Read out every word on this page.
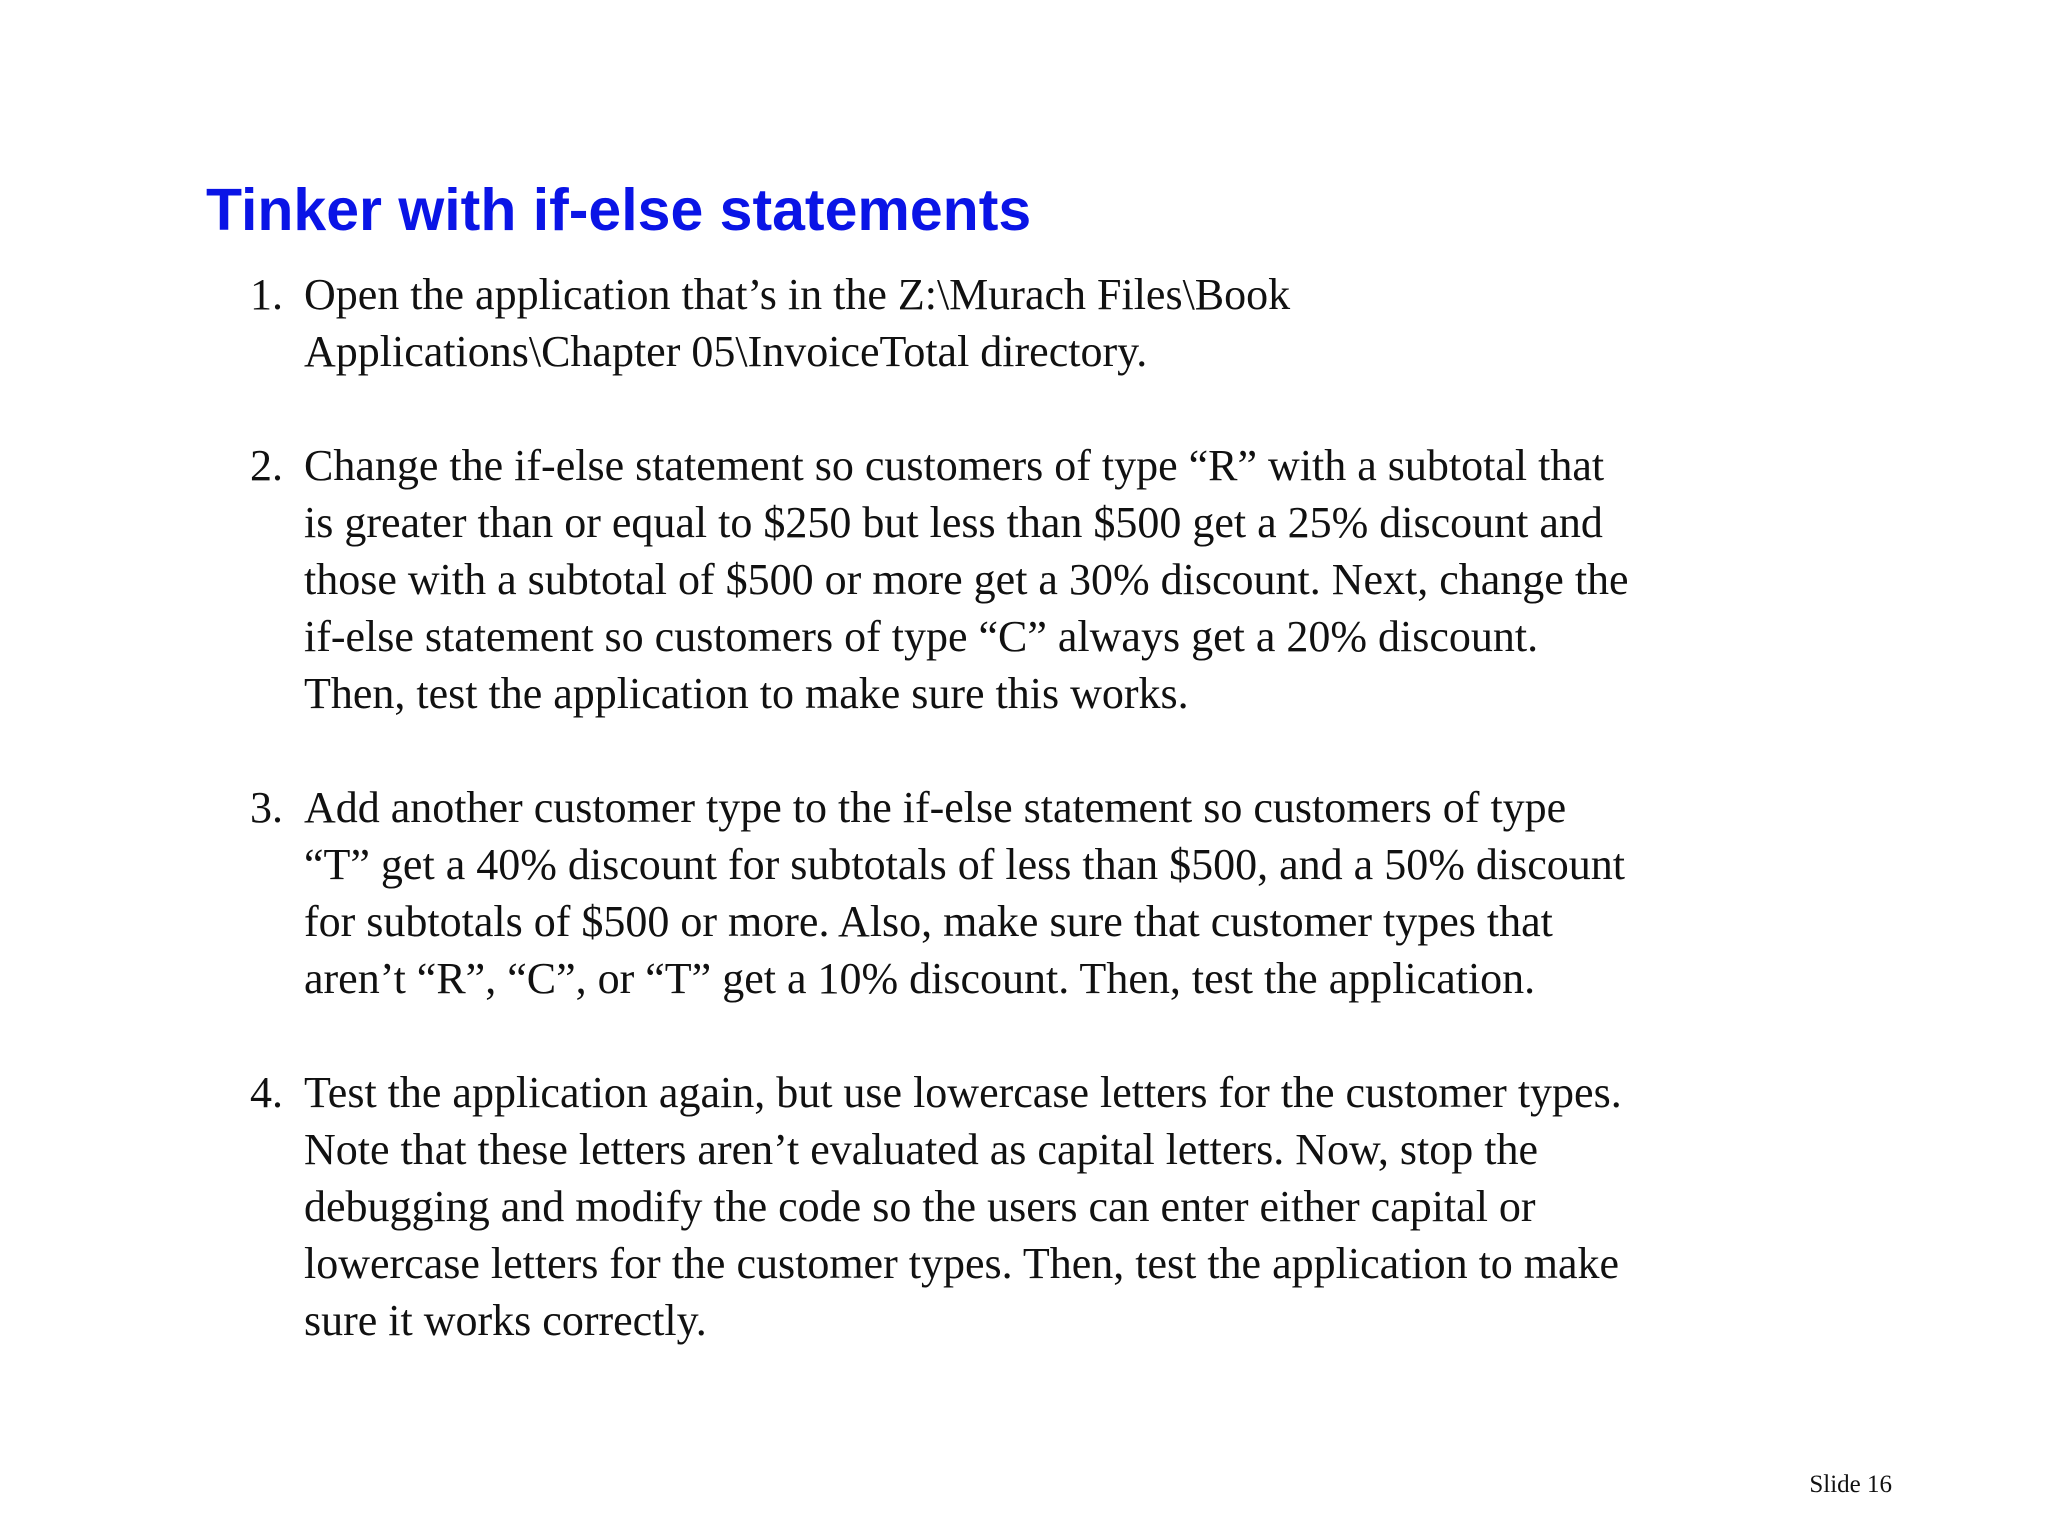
Tinker with if-else statements
1. Open the application that’s in the Z:\Murach Files\Book
Applications\Chapter 05\InvoiceTotal directory.
2. Change the if-else statement so customers of type “R” with a subtotal that
is greater than or equal to $250 but less than $500 get a 25% discount and
those with a subtotal of $500 or more get a 30% discount. Next, change the
if-else statement so customers of type “C” always get a 20% discount.
Then, test the application to make sure this works.
3. Add another customer type to the if-else statement so customers of type
“T” get a 40% discount for subtotals of less than $500, and a 50% discount
for subtotals of $500 or more. Also, make sure that customer types that
aren’t “R”, “C”, or “T” get a 10% discount. Then, test the application.
4. Test the application again, but use lowercase letters for the customer types.
Note that these letters aren’t evaluated as capital letters. Now, stop the
debugging and modify the code so the users can enter either capital or
lowercase letters for the customer types. Then, test the application to make
sure it works correctly.
Slide 16
